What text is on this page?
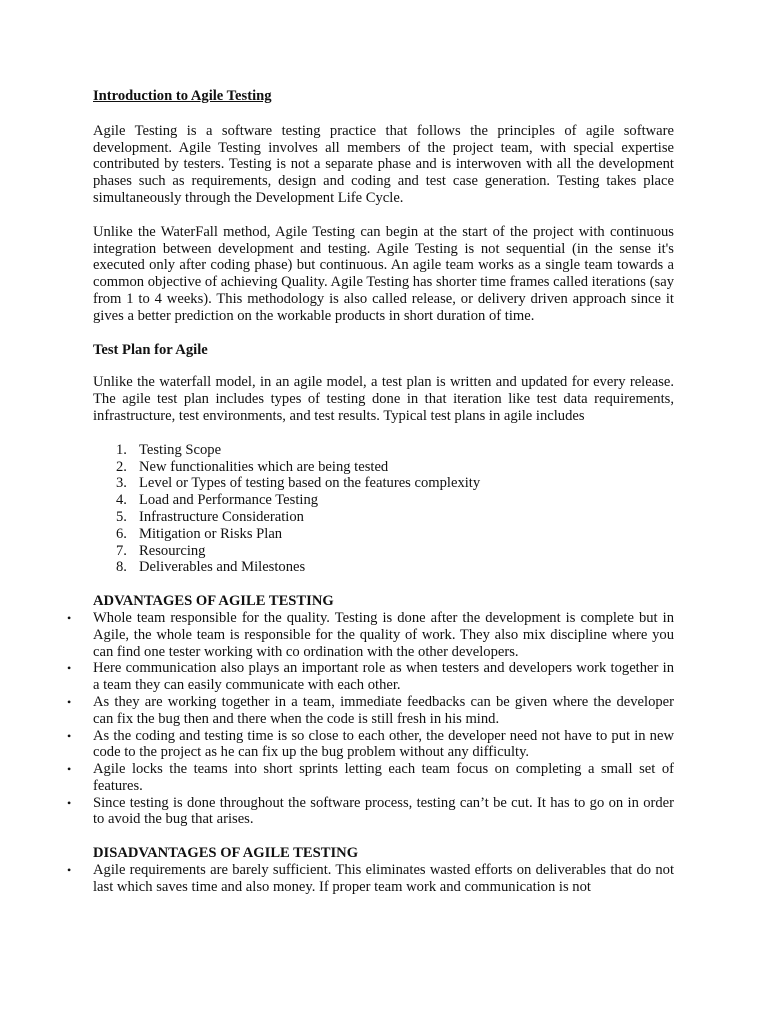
Introduction to Agile Testing

Agile Testing is a software testing practice that follows the principles of agile software development. Agile Testing involves all members of the project team, with special expertise contributed by testers. Testing is not a separate phase and is interwoven with all the development phases such as requirements, design and coding and test case generation. Testing takes place simultaneously through the Development Life Cycle.

Unlike the WaterFall method, Agile Testing can begin at the start of the project with continuous integration between development and testing. Agile Testing is not sequential (in the sense it's executed only after coding phase) but continuous. An agile team works as a single team towards a common objective of achieving Quality. Agile Testing has shorter time frames called iterations (say from 1 to 4 weeks). This methodology is also called release, or delivery driven approach since it gives a better prediction on the workable products in short duration of time.

Test Plan for Agile

Unlike the waterfall model, in an agile model, a test plan is written and updated for every release. The agile test plan includes types of testing done in that iteration like test data requirements, infrastructure, test environments, and test results. Typical test plans in agile includes

1. Testing Scope
2. New functionalities which are being tested
3. Level or Types of testing based on the features complexity
4. Load and Performance Testing
5. Infrastructure Consideration
6. Mitigation or Risks Plan
7. Resourcing
8. Deliverables and Milestones

ADVANTAGES OF AGILE TESTING

• Whole team responsible for the quality. Testing is done after the development is complete but in Agile, the whole team is responsible for the quality of work. They also mix discipline where you can find one tester working with co ordination with the other developers.
• Here communication also plays an important role as when testers and developers work together in a team they can easily communicate with each other.
• As they are working together in a team, immediate feedbacks can be given where the developer can fix the bug then and there when the code is still fresh in his mind.
• As the coding and testing time is so close to each other, the developer need not have to put in new code to the project as he can fix up the bug problem without any difficulty.
• Agile locks the teams into short sprints letting each team focus on completing a small set of features.
• Since testing is done throughout the software process, testing can’t be cut. It has to go on in order to avoid the bug that arises.

DISADVANTAGES OF AGILE TESTING

• Agile requirements are barely sufficient. This eliminates wasted efforts on deliverables that do not last which saves time and also money. If proper team work and communication is not
